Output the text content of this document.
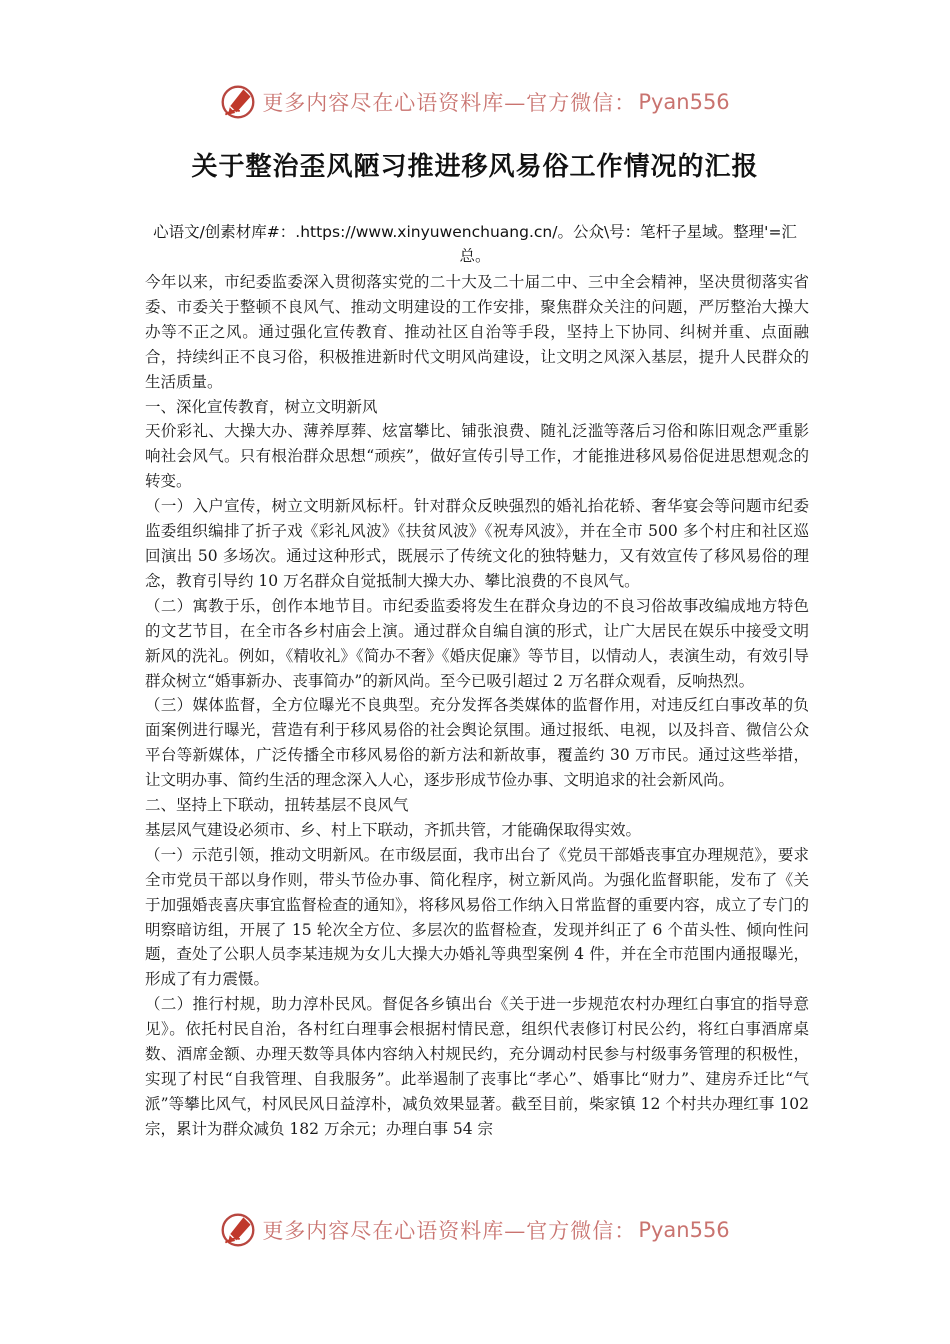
更多内容尽在心语资料库—官方微信： Pyan556
关于整治歪风陋习推进移风易俗工作情况的汇报
心语文/创素材库#：.https://www.xinyuwenchuang.cn/。公众\号：笔杆子星域。整理'=汇总。

今年以来，市纪委监委深入贯彻落实党的二十大及二十届二中、三中全会精神，坚决贯彻落实省委、市委关于整顿不良风气、推动文明建设的工作安排，聚焦群众关注的问题，严厉整治大操大办等不正之风。通过强化宣传教育、推动社区自治等手段，坚持上下协同、纠树并重、点面融合，持续纠正不良习俗，积极推进新时代文明风尚建设，让文明之风深入基层，提升人民群众的生活质量。

一、深化宣传教育，树立文明新风

天价彩礼、大操大办、薄养厚葬、炫富攀比、铺张浪费、随礼泛滥等落后习俗和陈旧观念严重影响社会风气。只有根治群众思想“顽疾”，做好宣传引导工作，才能推进移风易俗促进思想观念的转变。

（一）入户宣传，树立文明新风标杆。针对群众反映强烈的婚礼抬花轿、奢华宴会等问题市纪委监委组织编排了折子戏《彩礼风波》《扶贫风波》《祝寿风波》，并在全市 500 多个村庄和社区巡回演出 50 多场次。通过这种形式，既展示了传统文化的独特魅力，又有效宣传了移风易俗的理念，教育引导约 10 万名群众自觉抵制大操大办、攀比浪费的不良风气。

（二）寓教于乐，创作本地节目。市纪委监委将发生在群众身边的不良习俗故事改编成地方特色的文艺节目，在全市各乡村庙会上演。通过群众自编自演的形式，让广大居民在娱乐中接受文明新风的洗礼。例如，《精收礼》《简办不奢》《婚庆促廉》等节目，以情动人，表演生动，有效引导群众树立“婚事新办、丧事简办”的新风尚。至今已吸引超过 2 万名群众观看，反响热烈。

（三）媒体监督，全方位曝光不良典型。充分发挥各类媒体的监督作用，对违反红白事改革的负面案例进行曝光，营造有利于移风易俗的社会舆论氛围。通过报纸、电视，以及抖音、微信公众平台等新媒体，广泛传播全市移风易俗的新方法和新故事，覆盖约 30 万市民。通过这些举措，让文明办事、简约生活的理念深入人心，逐步形成节俭办事、文明追求的社会新风尚。

二、坚持上下联动，扭转基层不良风气

基层风气建设必须市、乡、村上下联动，齐抓共管，才能确保取得实效。

（一）示范引领，推动文明新风。在市级层面，我市出台了《党员干部婚丧事宜办理规范》，要求全市党员干部以身作则，带头节俭办事、简化程序，树立新风尚。为强化监督职能，发布了《关于加强婚丧喜庆事宜监督检查的通知》，将移风易俗工作纳入日常监督的重要内容，成立了专门的明察暗访组，开展了 15 轮次全方位、多层次的监督检查，发现并纠正了 6 个苗头性、倾向性问题，查处了公职人员李某违规为女儿大操大办婚礼等典型案例 4 件，并在全市范围内通报曝光，形成了有力震慑。

（二）推行村规，助力淳朴民风。督促各乡镇出台《关于进一步规范农村办理红白事宜的指导意见》。依托村民自治，各村红白理事会根据村情民意，组织代表修订村民公约，将红白事酒席桌数、酒席金额、办理天数等具体内容纳入村规民约，充分调动村民参与村级事务管理的积极性，实现了村民“自我管理、自我服务”。此举遏制了丧事比“孝心”、婚事比“财力”、建房乔迁比“气派”等攀比风气，村风民风日益淳朴，减负效果显著。截至目前，柴家镇 12 个村共办理红事 102 宗，累计为群众减负 182 万余元；办理白事 54 宗

更多内容尽在心语资料库—官方微信： Pyan556
